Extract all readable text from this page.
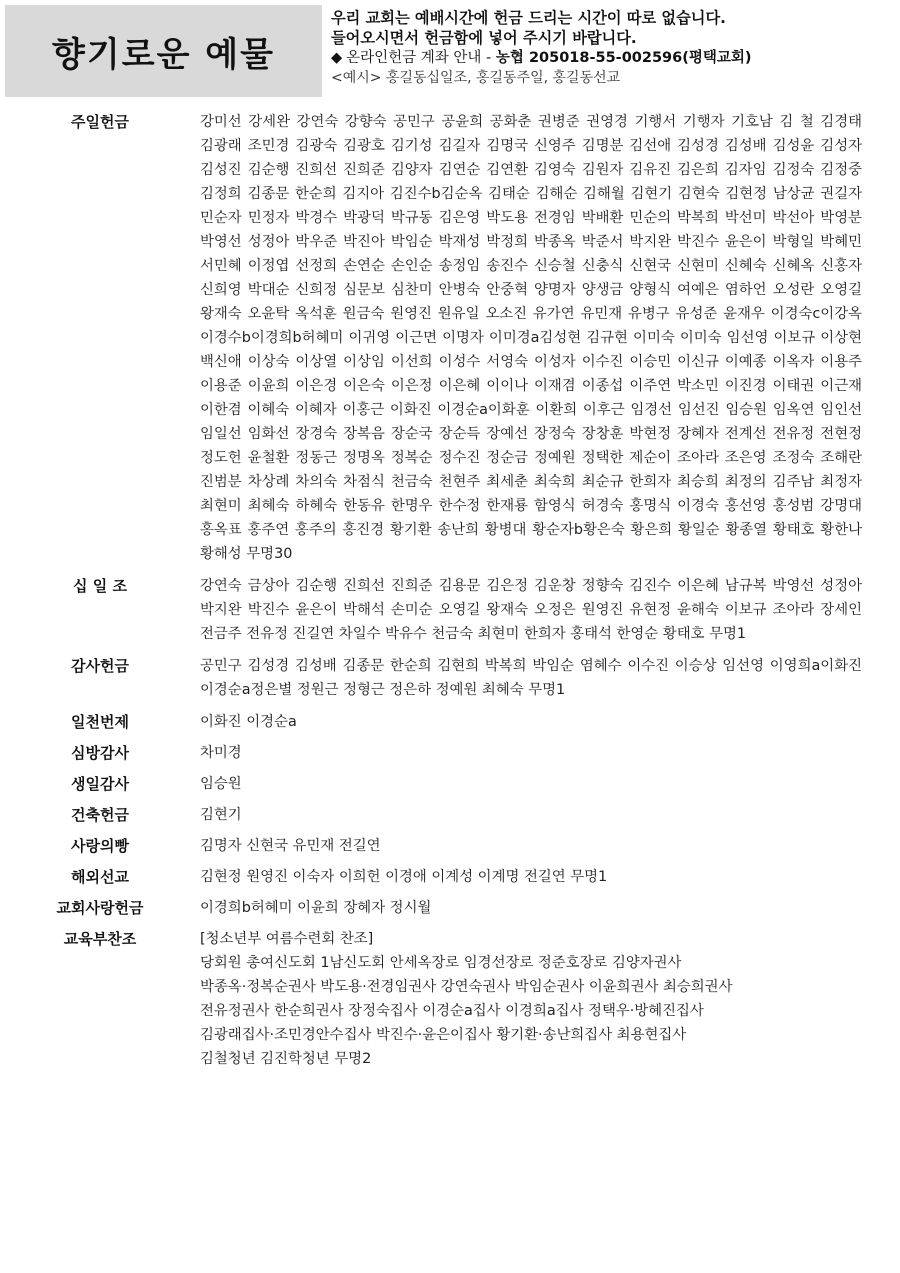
향기로운 예물
우리 교회는 예배시간에 헌금 드리는 시간이 따로 없습니다.
들어오시면서 헌금함에 넣어 주시기 바랍니다.
◆ 온라인헌금 계좌 안내 - 농협 205018-55-002596(평택교회)
<예시> 홍길동십일조, 홍길동주일, 홍길동선교
주일헌금	강미선 강세완 강연숙 강향숙 공민구 공윤희 공화춘 권병준 권영경 기행서 기행자 기호남 김 철 김경태 김광래 조민경 김광숙 김광호 김기성 김길자 김명국 신영주 김명분 김선애 김성경 김성배 김성윤 김성자 김성진 김순행 진희선 진희준 김양자 김연순 김연환 김영숙 김원자 김유진 김은희 김자임 김정숙 김정중 김정희 김종문 한순희 김지아 김진수b김순옥 김태순 김해순 김해월 김현기 김현숙 김현정 남상균 권길자 민순자 민정자 박경수 박광덕 박규동 김은영 박도용 전경임 박배환 민순의 박복희 박선미 박선아 박영분 박영선 성정아 박우준 박진아 박임순 박재성 박정희 박종옥 박준서 박지완 박진수 윤은이 박형일 박혜민 서민혜 이정엽 선정희 손연순 손인순 송정임 송진수 신승철 신충식 신현국 신현미 신혜숙 신혜옥 신홍자 신희영 박대순 신희정 심문보 심찬미 안병숙 안중혁 양명자 양생금 양형식 여예은 염하언 오성란 오영길 왕재숙 오윤탁 옥석훈 원금숙 원영진 원유일 오소진 유가연 유민재 유병구 유성준 윤재우 이경숙c이강옥 이경수b이경희b허혜미 이귀영 이근면 이명자 이미경a김성현 김규현 이미숙 이미숙 임선영 이보규 이상현 백신애 이상숙 이상열 이상임 이선희 이성수 서영숙 이성자 이수진 이승민 이신규 이예종 이옥자 이용주 이용준 이윤희 이은경 이은숙 이은정 이은혜 이이나 이재겸 이종섭 이주연 박소민 이진경 이태권 이근재 이한겸 이혜숙 이혜자 이홍근 이화진 이경순a이화훈 이환희 이후근 임경선 임선진 임승원 임옥연 임인선 임일선 임화선 장경숙 장복음 장순국 장순득 장예선 장정숙 장창훈 박현정 장혜자 전계선 전유정 전현정 정도헌 윤철환 정동근 정명옥 정복순 정수진 정순금 정예원 정택한 제순이 조아라 조은영 조정숙 조해란 진범분 차상례 차의숙 차점식 천금숙 천현주 최세춘 최숙희 최순규 한희자 최승희 최정의 김주남 최정자 최현미 최혜숙 하혜숙 한동유 한명우 한수정 한재룡 함영식 허경숙 홍명식 이경숙 홍선영 홍성범 강명대 홍옥표 홍주연 홍주의 홍진경 황기환 송난희 황병대 황순자b황은숙 황은희 황일순 황종열 황태호 황한나 황해성 무명30
십 일 조	강연숙 금상아 김순행 진희선 진희준 김용문 김은정 김운창 정향숙 김진수 이은혜 남규복 박영선 성정아 박지완 박진수 윤은이 박해석 손미순 오영길 왕재숙 오정은 원영진 유현정 윤해숙 이보규 조아라 장세인 전금주 전유정 진길연 차일수 박유수 천금숙 최현미 한희자 홍태석 한영순 황태호 무명1
감사헌금	공민구 김성경 김성배 김종문 한순희 김현희 박복희 박임순 염혜수 이수진 이승상 임선영 이영희a이화진 이경순a정은별 정원근 정형근 정은하 정예원 최혜숙 무명1
일천번제	이화진 이경순a
심방감사	차미경
생일감사	임승원
건축헌금	김현기
사랑의빵	김명자 신현국 유민재 전길연
해외선교	김현정 원영진 이숙자 이희헌 이경애 이계성 이계명 전길연 무명1
교회사랑헌금	이경희b허혜미 이윤희 장혜자 정시월
교육부찬조	[청소년부 여름수련회 찬조]
당회원 총여신도회 1남신도회 안세옥장로 임경선장로 정준호장로 김양자권사
박종옥·정복순권사 박도용·전경임권사 강연숙권사 박임순권사 이윤희권사 최승희권사
전유정권사 한순희권사 장정숙집사 이경순a집사 이경희a집사 정택우·방혜진집사
김광래집사·조민경안수집사 박진수·윤은이집사 황기환·송난희집사 최용현집사
김철청년 김진학청년 무명2
